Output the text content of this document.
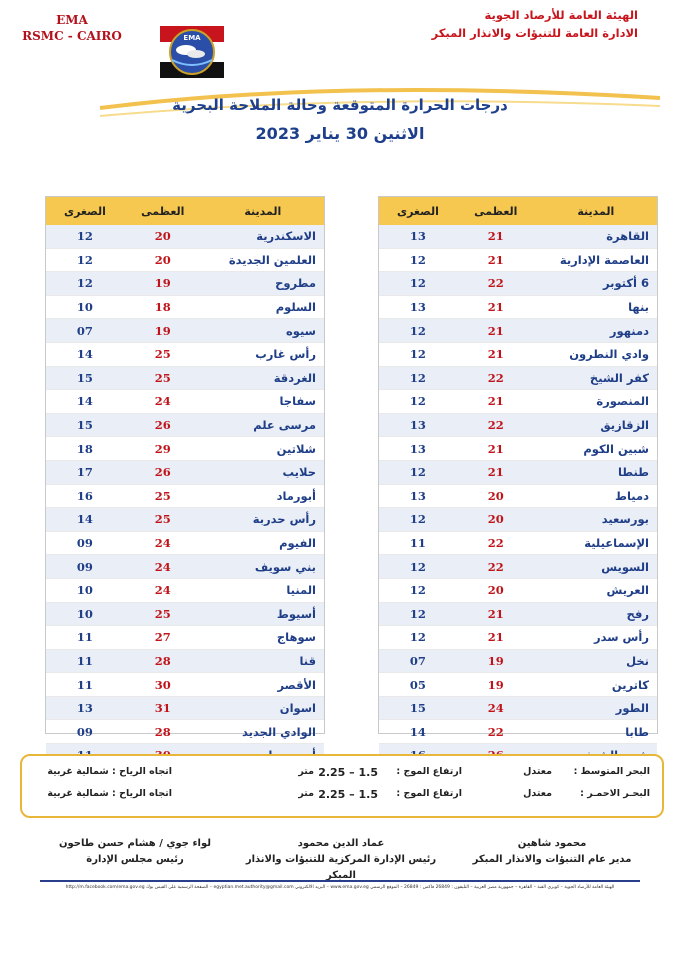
EMA
RSMC - CAIRO	EMA
الهيئة العامة للأرصاد الجوية
الادارة العامة للتنبؤات والانذار المبكر
درجات الحرارة المتوقعة وحالة الملاحة البحرية
الاثنين 30 يناير 2023
المدينة	العظمى	الصغرى
القاهرة	21	13
العاصمة الإدارية	21	12
6 أكتوبر	22	12
بنها	21	13
دمنهور	21	12
وادي النطرون	21	12
كفر الشيخ	22	12
المنصورة	21	12
الزقازيق	22	13
شبين الكوم	21	13
طنطا	21	12
دمياط	20	13
بورسعيد	20	12
الإسماعيلية	22	11
السويس	22	12
العريش	20	12
رفح	21	12
رأس سدر	21	12
نخل	19	07
كاترين	19	05
الطور	24	15
طابا	22	14

المدينة	العظمى	الصغرى
الاسكندرية	20	12
العلمين الجديدة	20	12
مطروح	19	12
السلوم	18	10
سيوه	19	07
رأس غارب	25	14
الغردقة	25	15
سفاجا	24	14
مرسى علم	26	15
شلاتين	29	18
حلايب	26	17
أبورماد	25	16
رأس حدربة	25	14
الفيوم	24	09
بني سويف	24	09
المنيا	24	10
أسيوط	25	10
سوهاج	27	11
قنا	28	11
الأقصر	30	11
اسوان	31	13
الوادي الجديد	28	09

البحر المتوسط :
معتدل
ارتفاع الموج :
1.5 – 2.25
متر
اتجاه الرياح : شمالية غربية
البحـر الاحمـر :
معتدل
ارتفاع الموج :
1.5 – 2.25
متر
اتجاه الرياح : شمالية غربية
محمود شاهين
مدير عام التنبؤات والانذار المبكر
عماد الدين محمود
رئيس الإدارة المركزية للتنبؤات والانذار المبكر
لواء جوي / هشام حسن طاحون
رئيس مجلس الإدارة
الهيئة العامة للأرصاد الجوية – كوبري القبة – القاهرة – جمهورية مصر العربية – التليفون : 26849 فاكس : 26849 – الموقع الرسمي www.ema.gov.eg – البريد الالكتروني egyptian.met.authority@gmail.com – الصفحة الرسمية على الفيس بوك http://m.facebook.com/ema.gov.eg
